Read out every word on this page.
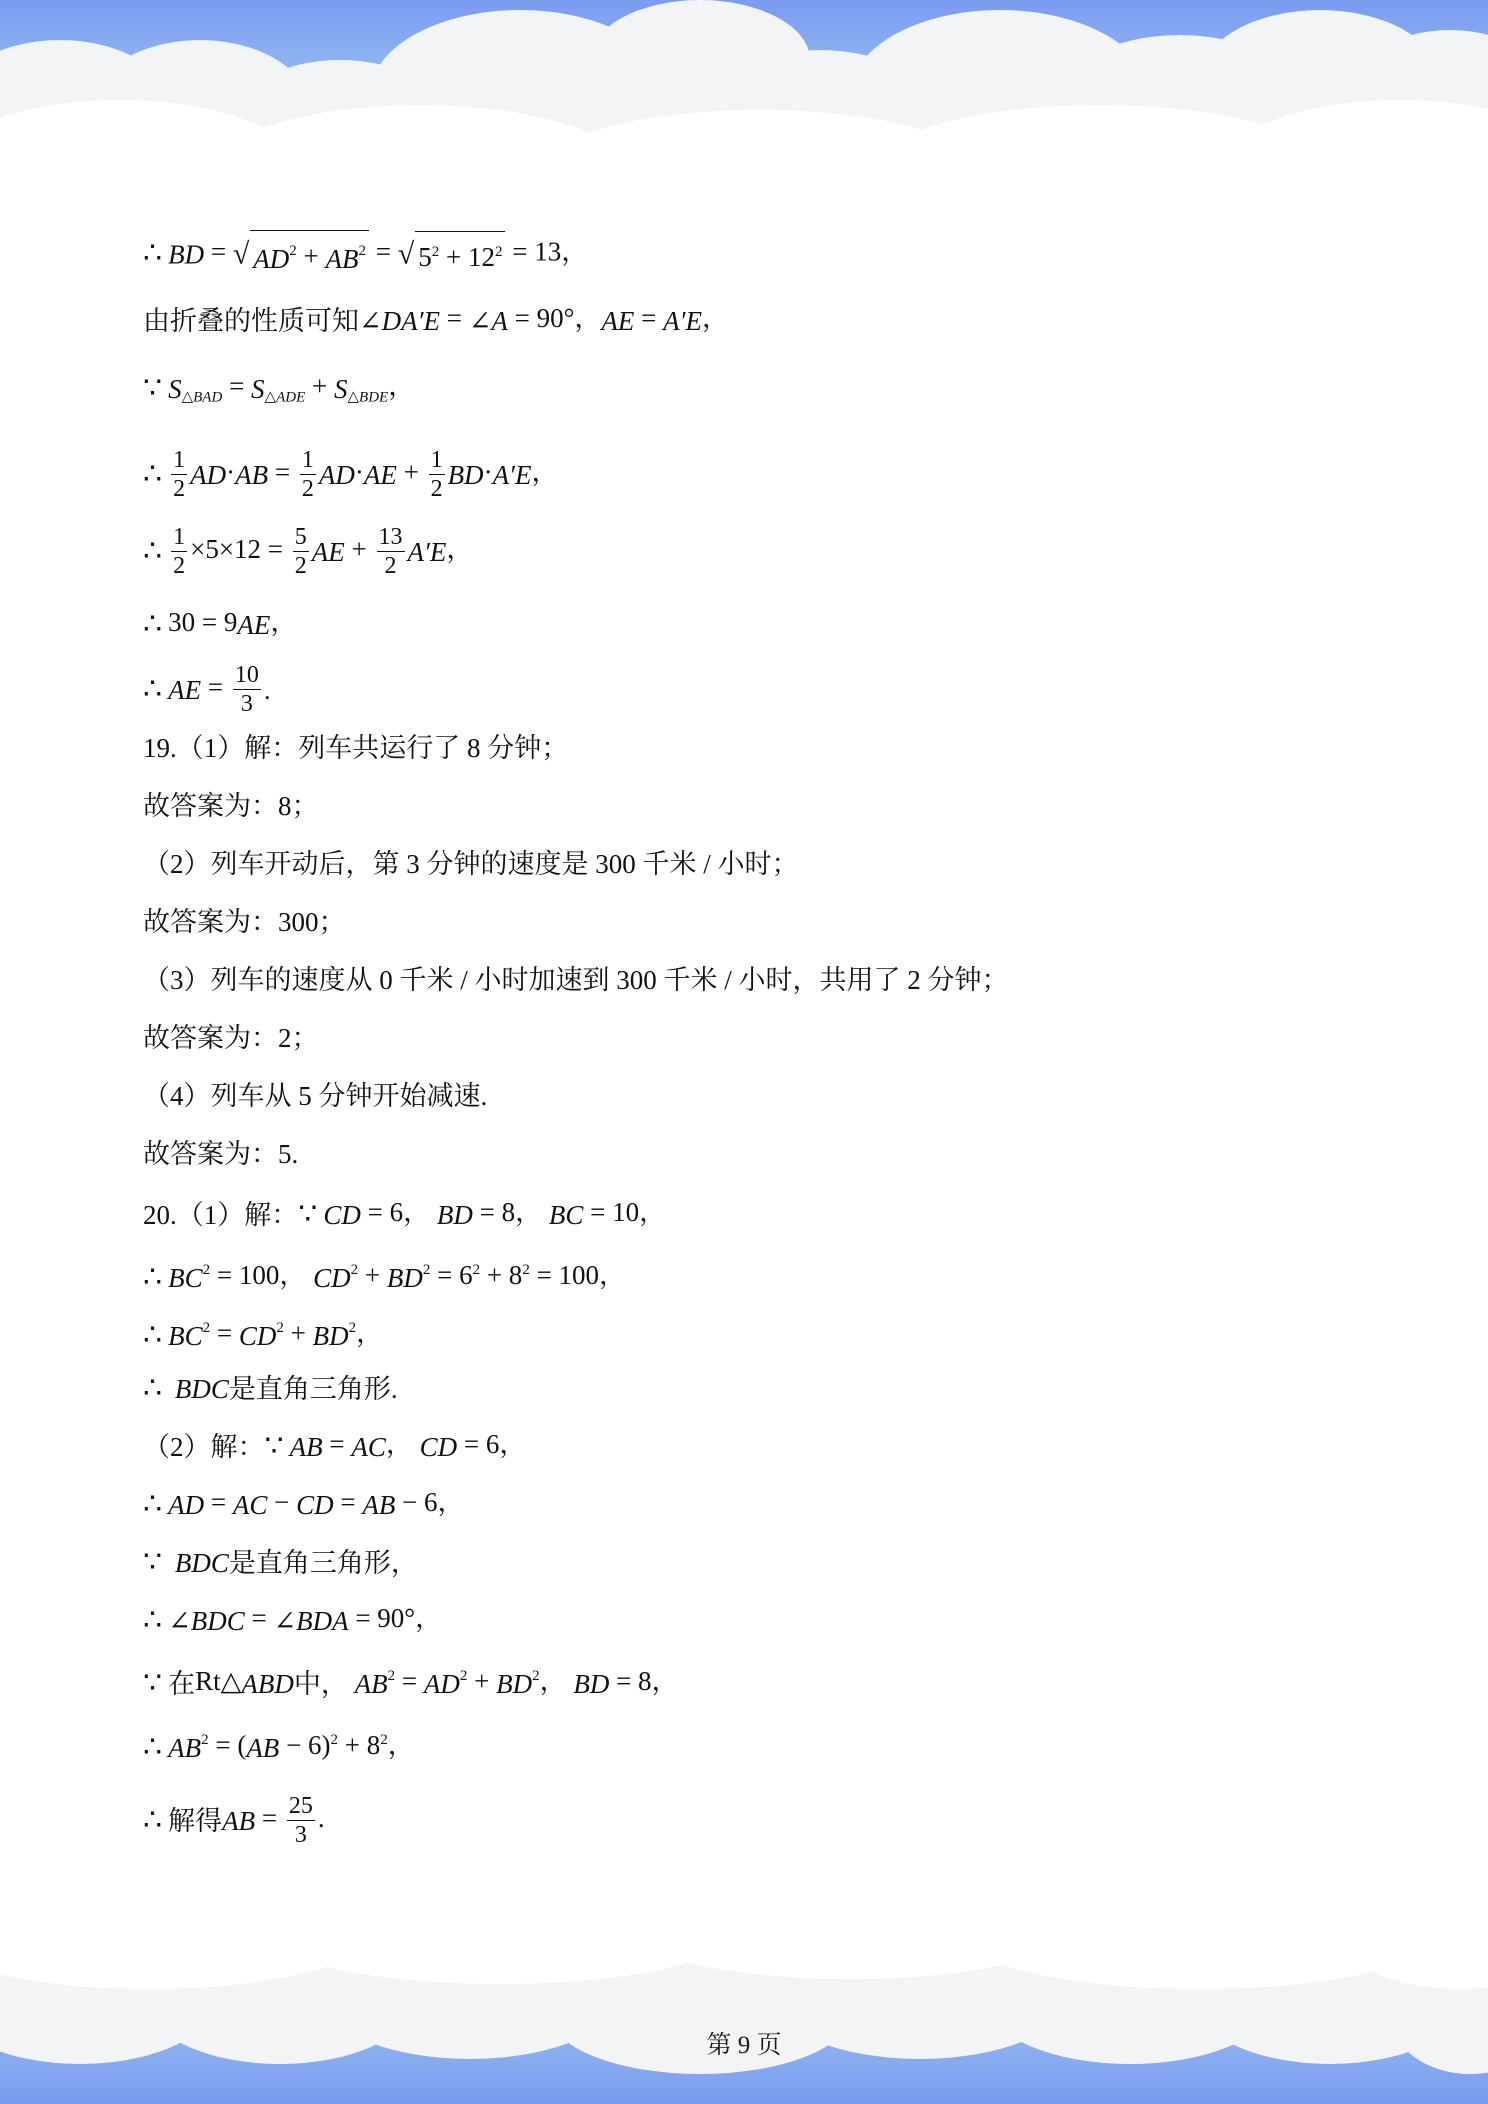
∴ BD = √ $AD^2 + AB^2$ = √ $5^2 + 12^2 = 13$，
由折叠的性质可知∠DA′E = ∠A = 90°，AE = A′E，
∵ $S_{\triangle BAD} = S_{\triangle ADE} + S_{\triangle BDE}$，
∴ $\frac{1}{2} AD\cdot AB = \frac{1}{2} AD\cdot AE + \frac{1}{2} BD\cdot A'E$，
∴ $\frac{1}{2} \times 5\times 12 = \frac{5}{2}$ AE + $\frac{13}{2} A'E$，
∴ 30 = 9AE，
∴ AE = $\frac{10}{3}$ .
19.（1）解：列车共运行了 8 分钟；
故答案为：8；
（2）列车开动后，第 3 分钟的速度是 300 千米 / 小时；
故答案为：300；
（3）列车的速度从 0 千米 / 小时加速到 300 千米 / 小时，共用了 2 分钟；
故答案为：2；
（4）列车从 5 分钟开始减速.
故答案为：5.
20.（1）解：∵ CD = 6， BD = 8， BC = 10，
∴ $BC^2 = 100$， $CD^2 + BD^2 = 6^2 + 8^2 = 100$，
∴ $BC^2 = CD^2 + BD^2$，
∴ BDC是直角三角形.
（2）解：∵ AB = AC， CD = 6，
∴ AD = AC − CD = AB − 6，
∵ BDC是直角三角形，
∴ ∠BDC = ∠BDA = 90°，
∵ 在Rt△ABD中， $AB^2 = AD^2 + BD^2$， BD = 8，
∴ $AB^2 = (AB - 6)^2 + 8^2$，
∴ 解得AB = $\frac{25}{3}$ .
第 9 页
